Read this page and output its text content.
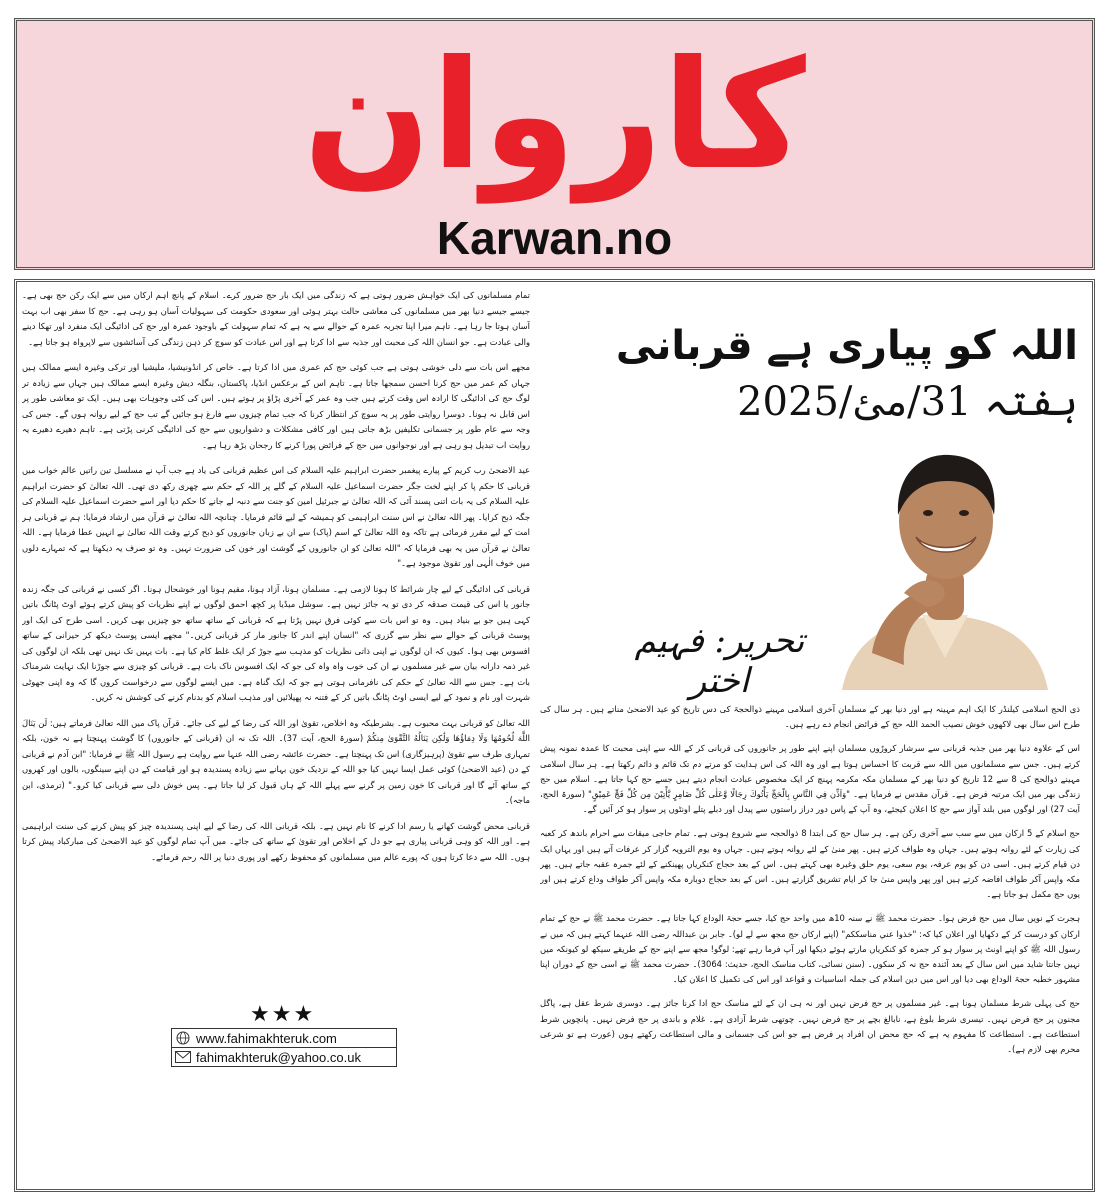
کاروان
Karwan.no

تمام مسلمانوں کی ایک خواہش ضرور ہوتی ہے کہ زندگی میں ایک بار حج ضرور کرے۔ اسلام کے پانچ اہم ارکان میں سے ایک رکن حج بھی ہے۔ جیسے جیسے دنیا بھر میں مسلمانوں کی معاشی حالت بہتر ہوئی اور سعودی حکومت کی سہولیات آسان ہو رہی ہے۔ حج کا سفر بھی اب بہت آسان ہوتا جا رہا ہے۔ تاہم میرا اپنا تجربہ عمرہ کے حوالے سے یہ ہے کہ تمام سہولت کے باوجود عمرہ اور حج کی ادائیگی ایک منفرد اور تھکا دینے والی عبادت ہے۔ جو انسان اللہ کی محبت اور جذبہ سے ادا کرتا ہے اور اس عبادت کو سوچ کر ذہن زندگی کی آسائشوں سے لاپرواہ ہو جاتا ہے۔

مجھے اس بات سے دلی خوشی ہوتی ہے جب کوئی حج کم عمری میں ادا کرتا ہے۔ خاص کر انڈونیشیا، ملیشیا اور ترکی وغیرہ ایسے ممالک ہیں جہاں کم عمر میں حج کرنا احسن سمجھا جاتا ہے۔ تاہم اس کے برعکس انڈیا، پاکستان، بنگلہ دیش وغیرہ ایسے ممالک ہیں جہاں سے زیادہ تر لوگ حج کی ادائیگی کا ارادہ اس وقت کرتے ہیں جب وہ عمر کے آخری پڑاؤ پر ہوتے ہیں۔ اس کی کئی وجوہات بھی ہیں۔ ایک تو معاشی طور پر اس قابل نہ ہونا۔ دوسرا روایتی طور پر یہ سوچ کر انتظار کرنا کہ جب تمام چیزوں سے فارغ ہو جائیں گے تب حج کے لیے روانہ ہوں گے۔ جس کی وجہ سے عام طور پر جسمانی تکلیفیں بڑھ جاتی ہیں اور کافی مشکلات و دشواریوں سے حج کی ادائیگی کرنی پڑتی ہے۔ تاہم دھیرے دھیرے یہ روایت اب تبدیل ہو رہی ہے اور نوجوانوں میں حج کے فرائض پورا کرنے کا رجحان بڑھ رہا ہے۔

عید الاضحیٰ رب کریم کے پیارے پیغمبر حضرت ابراہیم علیہ السلام کی اس عظیم قربانی کی یاد ہے جب آپ نے مسلسل تین راتیں عالم خواب میں قربانی کا حکم پا کر اپنے لخت جگر حضرت اسماعیل علیہ السلام کے گلے پر اللہ کے حکم سے چھری رکھ دی تھی۔ اللہ تعالیٰ کو حضرت ابراہیم علیہ السلام کی یہ بات اتنی پسند آئی کہ اللہ تعالیٰ نے جبرئیل امین کو جنت سے دنبہ لے جانے کا حکم دیا اور اسے حضرت اسماعیل علیہ السلام کی جگہ ذبح کرایا۔ پھر اللہ تعالیٰ نے اس سنت ابراہیمی کو ہمیشہ کے لیے قائم فرمایا۔ چنانچہ اللہ تعالیٰ نے قرآن میں ارشاد فرمایا: ہم نے قربانی ہر امت کے لیے مقرر فرمائی ہے تاکہ وہ اللہ تعالیٰ کے اسم (پاک) سے ان بے زبان جانوروں کو ذبح کرتے وقت اللہ تعالیٰ نے انہیں عطا فرمایا ہے۔ اللہ تعالیٰ نے قرآن میں یہ بھی فرمایا کہ "اللہ تعالیٰ کو ان جانوروں کے گوشت اور خون کی ضرورت نہیں۔ وہ تو صرف یہ دیکھتا ہے کہ تمہارے دلوں میں خوف الٰہی اور تقویٰ موجود ہے۔"

قربانی کی ادائیگی کے لیے چار شرائط کا ہونا لازمی ہے۔ مسلمان ہونا، آزاد ہونا، مقیم ہونا اور خوشحال ہونا۔ اگر کسی نے قربانی کی جگہ زندہ جانور یا اس کی قیمت صدقہ کر دی تو یہ جائز نہیں ہے۔ سوشل میڈیا پر کچھ احمق لوگوں نے اپنے نظریات کو پیش کرتے ہوئے اوٹ پٹانگ باتیں کہی ہیں جو بے بنیاد ہیں۔ وہ تو اس بات سے کوئی فرق نہیں پڑتا ہے کہ قربانی کے ساتھ ساتھ جو چیزیں بھی کریں۔ اسی طرح کی ایک اور پوسٹ قربانی کے حوالے سے نظر سے گزری کہ "انسان اپنے اندر کا جانور مار کر قربانی کریں۔" مجھے ایسی پوسٹ دیکھ کر حیرانی کے ساتھ افسوس بھی ہوا۔ کیوں کہ ان لوگوں نے اپنی ذاتی نظریات کو مذہب سے جوڑ کر ایک غلط کام کیا ہے۔ بات یہیں تک نہیں تھی بلکہ ان لوگوں کی غیر ذمہ دارانہ بیان سے غیر مسلموں نے ان کی خوب واہ واہ کی جو کہ ایک افسوس ناک بات ہے۔ قربانی کو چیزی سے جوڑنا ایک نہایت شرمناک بات ہے۔ جس سے اللہ تعالیٰ کے حکم کی نافرمانی ہوتی ہے جو کہ ایک گناہ ہے۔ میں ایسے لوگوں سے درخواست کروں گا کہ وہ اپنی جھوٹی شہرت اور نام و نمود کے لیے ایسی اوٹ پٹانگ باتیں کر کے فتنہ نہ پھیلائیں اور مذہب اسلام کو بدنام کرنے کی کوشش نہ کریں۔

اللہ تعالیٰ کو قربانی بہت محبوب ہے۔ بشرطیکہ وہ اخلاص، تقویٰ اور اللہ کی رضا کے لیے کی جائے۔ قرآن پاک میں اللہ تعالیٰ فرماتے ہیں: لَن يَنَالَ اللَّهَ لُحُومُهَا وَلَا دِمَاؤُهَا وَلَٰكِن يَنَالُهُ التَّقْوَىٰ مِنكُمْ (سورۃ الحج، آیت 37)۔ اللہ تک نہ ان (قربانی کے جانوروں) کا گوشت پہنچتا ہے نہ خون، بلکہ تمہاری طرف سے تقویٰ (پرہیزگاری) اس تک پہنچتا ہے۔ حضرت عائشہ رضی اللہ عنہا سے روایت ہے رسول اللہ ﷺ نے فرمایا: "ابن آدم نے قربانی کے دن (عید الاضحیٰ) کوئی عمل ایسا نہیں کیا جو اللہ کے نزدیک خون بہانے سے زیادہ پسندیدہ ہو اور قیامت کے دن اپنے سینگوں، بالوں اور کھروں کے ساتھ آئے گا اور قربانی کا خون زمین پر گرنے سے پہلے اللہ کے ہاں قبول کر لیا جاتا ہے۔ پس خوش دلی سے قربانی کیا کرو۔" (ترمذی، ابن ماجہ)۔

قربانی محض گوشت کھانے یا رسم ادا کرنے کا نام نہیں ہے۔ بلکہ قربانی اللہ کی رضا کے لیے اپنی پسندیدہ چیز کو پیش کرنے کی سنت ابراہیمی ہے۔ اور اللہ کو وہی قربانی پیاری ہے جو دل کے اخلاص اور تقویٰ کے ساتھ کی جائے۔ میں آپ تمام لوگوں کو عید الاضحیٰ کی مبارکباد پیش کرتا ہوں۔ اللہ سے دعا کرتا ہوں کہ پورے عالم میں مسلمانوں کو محفوظ رکھے اور پوری دنیا پر اللہ رحم فرمائے۔

★★★
www.fahimakhteruk.com
fahimakhteruk@yahoo.co.uk
اللہ کو پیاری ہے قربانی
ہفتہ 31/مئ/2025
تحریر: فہیم اختر

ذی الحج اسلامی کیلنڈر کا ایک اہم مہینہ ہے اور دنیا بھر کے مسلمان آخری اسلامی مہینے ذوالحجۃ کی دس تاریخ کو عید الاضحیٰ مناتے ہیں۔ ہر سال کی طرح اس سال بھی لاکھوں خوش نصیب الحمد اللہ حج کے فرائض انجام دے رہے ہیں۔

اس کے علاوہ دنیا بھر میں جذبہ قربانی سے سرشار کروڑوں مسلمان اپنے اپنے طور پر جانوروں کی قربانی کر کے اللہ سے اپنی محبت کا عمدہ نمونہ پیش کرتے ہیں۔ جس سے مسلمانوں میں اللہ سے قربت کا احساس ہوتا ہے اور وہ اللہ کی اس ہدایت کو مرتے دم تک قائم و دائم رکھتا ہے۔ ہر سال اسلامی مہینے ذوالحج کی 8 سے 12 تاریخ کو دنیا بھر کے مسلمان مکہ مکرمہ پہنچ کر ایک مخصوص عبادت انجام دیتے ہیں جسے حج کہا جاتا ہے۔ اسلام میں حج زندگی بھر میں ایک مرتبہ فرض ہے۔ قرآن مقدس نے فرمایا ہے۔ "وَاَذِّن فِي النَّاسِ بِالْحَجِّ يَأْتُوكَ رِجَالًا وَّعَلٰى كُلِّ ضَامِرٍ يَّأْتِيْنَ مِن كُلِّ فَجٍّ عَمِيْقٍ" (سورۃ الحج، آیت 27) اور لوگوں میں بلند آواز سے حج کا اعلان کیجئے، وہ آپ کے پاس دور دراز راستوں سے پیدل اور دبلے پتلے اونٹوں پر سوار ہو کر آئیں گے۔

حج اسلام کے 5 ارکان میں سے سب سے آخری رکن ہے۔ ہر سال حج کی ابتدا 8 ذوالحجہ سے شروع ہوتی ہے۔ تمام حاجی میقات سے احرام باندھ کر کعبہ کی زیارت کے لئے روانہ ہوتے ہیں۔ جہاں وہ طواف کرتے ہیں۔ پھر منیٰ کے لئے روانہ ہوتے ہیں۔ جہاں وہ یوم الترویہ گزار کر عرفات آتے ہیں اور یہاں ایک دن قیام کرتے ہیں۔ اسی دن کو یوم عرفہ، یوم سعی، یوم حلق وغیرہ بھی کہتے ہیں۔ اس کے بعد حجاج کنکریاں پھینکنے کے لئے جمرہ عقبہ جاتے ہیں۔ پھر مکہ واپس آکر طواف افاضہ کرتے ہیں اور پھر واپس منیٰ جا کر ایام تشریق گزارتے ہیں۔ اس کے بعد حجاج دوبارہ مکہ واپس آکر طواف وداع کرتے ہیں اور یوں حج مکمل ہو جاتا ہے۔

ہجرت کے نویں سال میں حج فرض ہوا۔ حضرت محمد ﷺ نے سنہ 10ھ میں واحد حج کیا، جسے حجۃ الوداع کہا جاتا ہے۔ حضرت محمد ﷺ نے حج کے تمام ارکان کو درست کر کے دکھایا اور اعلان کیا کہ: "خذوا عني مناسككم" (اپنے ارکان حج مجھ سے لے لو)۔ جابر بن عبداللہ رضی اللہ عنہما کہتے ہیں کہ میں نے رسول اللہ ﷺ کو اپنے اونٹ پر سوار ہو کر جمرہ کو کنکریاں مارتے ہوئے دیکھا اور آپ فرما رہے تھے: لوگو! مجھ سے اپنے حج کے طریقے سیکھ لو کیونکہ میں نہیں جانتا شاید میں اس سال کے بعد آئندہ حج نہ کر سکوں۔ (سنن نسائی، کتاب مناسک الحج، حدیث: 3064)۔ حضرت محمد ﷺ نے اسی حج کے دوران اپنا مشہور خطبہ حجۃ الوداع بھی دیا اور اس میں دین اسلام کی جملہ اساسیات و قواعد اور اس کی تکمیل کا اعلان کیا۔

حج کی پہلی شرط مسلمان ہونا ہے۔ غیر مسلموں پر حج فرض نہیں اور نہ ہی ان کے لئے مناسک حج ادا کرنا جائز ہے۔ دوسری شرط عقل ہے، پاگل مجنون پر حج فرض نہیں۔ تیسری شرط بلوغ ہے، نابالغ بچے پر حج فرض نہیں۔ چوتھی شرط آزادی ہے۔ غلام و باندی پر حج فرض نہیں۔ پانچویں شرط استطاعت ہے۔ استطاعت کا مفہوم یہ ہے کہ حج محض ان افراد پر فرض ہے جو اس کی جسمانی و مالی استطاعت رکھتے ہوں (عورت ہے تو شرعی محرم بھی لازم ہے)۔
